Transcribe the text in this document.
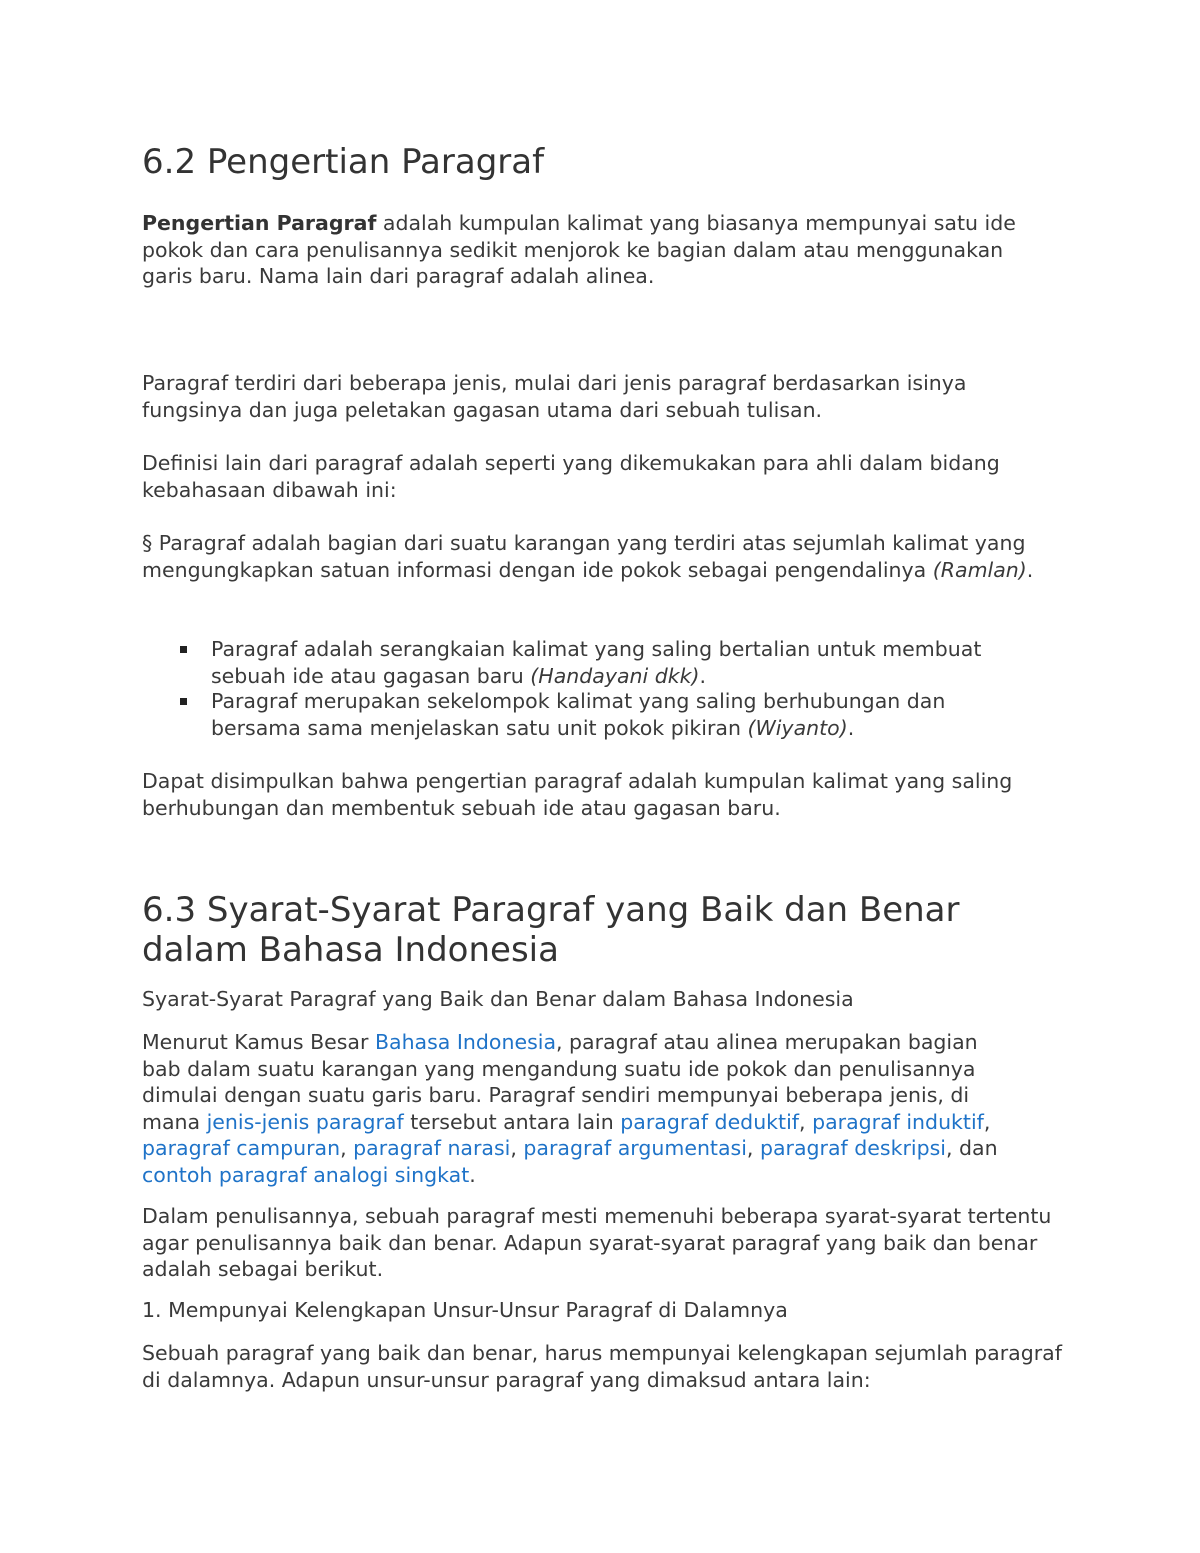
6.2 Pengertian Paragraf

Pengertian Paragraf adalah kumpulan kalimat yang biasanya mempunyai satu ide pokok dan cara penulisannya sedikit menjorok ke bagian dalam atau menggunakan garis baru. Nama lain dari paragraf adalah alinea.

Paragraf terdiri dari beberapa jenis, mulai dari jenis paragraf berdasarkan isinya fungsinya dan juga peletakan gagasan utama dari sebuah tulisan.

Definisi lain dari paragraf adalah seperti yang dikemukakan para ahli dalam bidang kebahasaan dibawah ini:

§ Paragraf adalah bagian dari suatu karangan yang terdiri atas sejumlah kalimat yang mengungkapkan satuan informasi dengan ide pokok sebagai pengendalinya (Ramlan).

Paragraf adalah serangkaian kalimat yang saling bertalian untuk membuat sebuah ide atau gagasan baru (Handayani dkk).
Paragraf merupakan sekelompok kalimat yang saling berhubungan dan bersama sama menjelaskan satu unit pokok pikiran (Wiyanto).

Dapat disimpulkan bahwa pengertian paragraf adalah kumpulan kalimat yang saling berhubungan dan membentuk sebuah ide atau gagasan baru.

6.3 Syarat-Syarat Paragraf yang Baik dan Benar
dalam Bahasa Indonesia

Syarat-Syarat Paragraf yang Baik dan Benar dalam Bahasa Indonesia

Menurut Kamus Besar Bahasa Indonesia, paragraf atau alinea merupakan bagian bab dalam suatu karangan yang mengandung suatu ide pokok dan penulisannya dimulai dengan suatu garis baru. Paragraf sendiri mempunyai beberapa jenis, di mana jenis-jenis paragraf tersebut antara lain paragraf deduktif, paragraf induktif, paragraf campuran, paragraf narasi, paragraf argumentasi, paragraf deskripsi, dan contoh paragraf analogi singkat.

Dalam penulisannya, sebuah paragraf mesti memenuhi beberapa syarat-syarat tertentu agar penulisannya baik dan benar. Adapun syarat-syarat paragraf yang baik dan benar adalah sebagai berikut.

1. Mempunyai Kelengkapan Unsur-Unsur Paragraf di Dalamnya

Sebuah paragraf yang baik dan benar, harus mempunyai kelengkapan sejumlah paragraf di dalamnya. Adapun unsur-unsur paragraf yang dimaksud antara lain:
